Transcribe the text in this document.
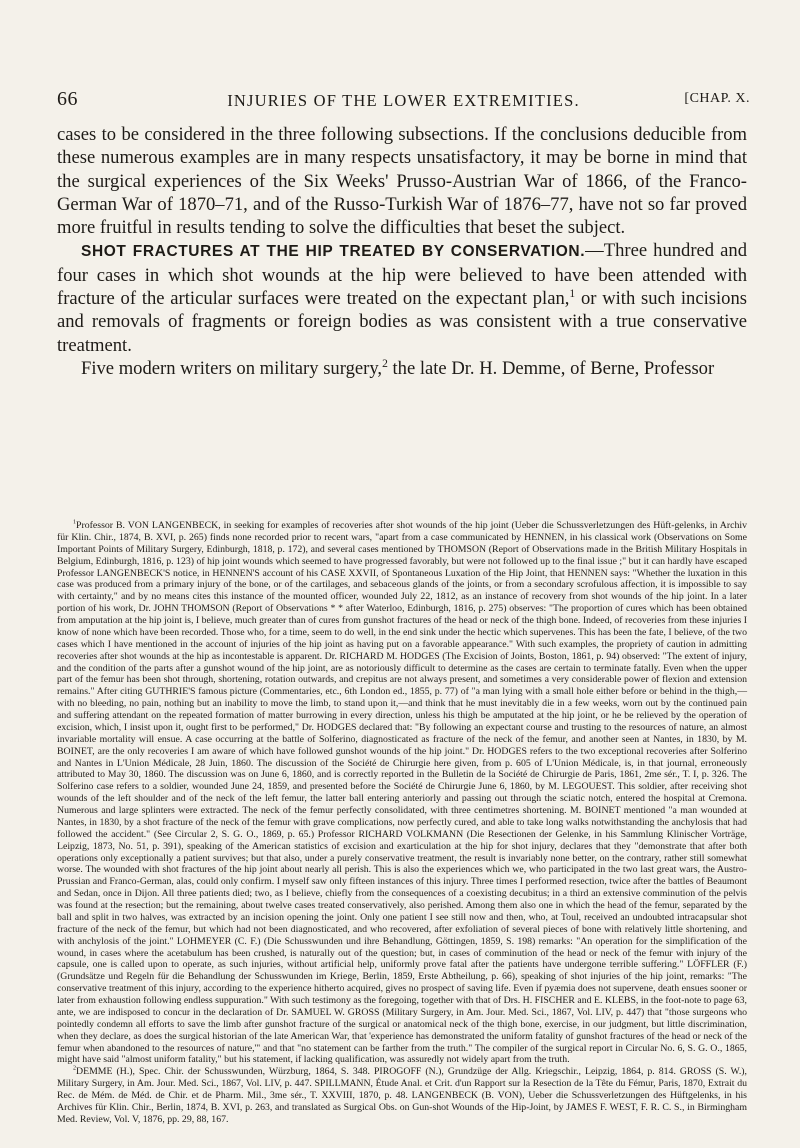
66	INJURIES OF THE LOWER EXTREMITIES.	[CHAP. X.

cases to be considered in the three following subsections. If the conclusions deducible from these numerous examples are in many respects unsatisfactory, it may be borne in mind that the surgical experiences of the Six Weeks' Prusso-Austrian War of 1866, of the Franco-German War of 1870–71, and of the Russo-Turkish War of 1876–77, have not so far proved more fruitful in results tending to solve the difficulties that beset the subject.

SHOT FRACTURES AT THE HIP TREATED BY CONSERVATION.—Three hundred and four cases in which shot wounds at the hip were believed to have been attended with fracture of the articular surfaces were treated on the expectant plan,$^1$ or with such incisions and removals of fragments or foreign bodies as was consistent with a true conservative treatment.

Five modern writers on military surgery,$^2$ the late Dr. H. Demme, of Berne, Professor

$^1$Professor B. VON LANGENBECK, in seeking for examples of recoveries after shot wounds of the hip joint (Ueber die Schussverletzungen des Hüft-gelenks, in Archiv für Klin. Chir., 1874, B. XVI, p. 265) finds none recorded prior to recent wars, "apart from a case communicated by HENNEN, in his classical work (Observations on Some Important Points of Military Surgery, Edinburgh, 1818, p. 172), and several cases mentioned by THOMSON (Report of Observations made in the British Military Hospitals in Belgium, Edinburgh, 1816, p. 123) of hip joint wounds which seemed to have progressed favorably, but were not followed up to the final issue ;" but it can hardly have escaped Professor LANGENBECK'S notice, in HENNEN'S account of his CASE XXVII, of Spontaneous Luxation of the Hip Joint, that HENNEN says: "Whether the luxation in this case was produced from a primary injury of the bone, or of the cartilages, and sebaceous glands of the joints, or from a secondary scrofulous affection, it is impossible to say with certainty," and by no means cites this instance of the mounted officer, wounded July 22, 1812, as an instance of recovery from shot wounds of the hip joint. In a later portion of his work, Dr. JOHN THOMSON (Report of Observations * * after Waterloo, Edinburgh, 1816, p. 275) observes: "The proportion of cures which has been obtained from amputation at the hip joint is, I believe, much greater than of cures from gunshot fractures of the head or neck of the thigh bone. Indeed, of recoveries from these injuries I know of none which have been recorded. Those who, for a time, seem to do well, in the end sink under the hectic which supervenes. This has been the fate, I believe, of the two cases which I have mentioned in the account of injuries of the hip joint as having put on a favorable appearance." With such examples, the propriety of caution in admitting recoveries after shot wounds at the hip as incontestable is apparent. Dr. RICHARD M. HODGES (The Excision of Joints, Boston, 1861, p. 94) observed: "The extent of injury, and the condition of the parts after a gunshot wound of the hip joint, are as notoriously difficult to determine as the cases are certain to terminate fatally. Even when the upper part of the femur has been shot through, shortening, rotation outwards, and crepitus are not always present, and sometimes a very considerable power of flexion and extension remains." After citing GUTHRIE'S famous picture (Commentaries, etc., 6th London ed., 1855, p. 77) of "a man lying with a small hole either before or behind in the thigh,—with no bleeding, no pain, nothing but an inability to move the limb, to stand upon it,—and think that he must inevitably die in a few weeks, worn out by the continued pain and suffering attendant on the repeated formation of matter burrowing in every direction, unless his thigh be amputated at the hip joint, or he be relieved by the operation of excision, which, I insist upon it, ought first to be performed," Dr. HODGES declared that: "By following an expectant course and trusting to the resources of nature, an almost invariable mortality will ensue. A case occurring at the battle of Solferino, diagnosticated as fracture of the neck of the femur, and another seen at Nantes, in 1830, by M. BOINET, are the only recoveries I am aware of which have followed gunshot wounds of the hip joint." Dr. HODGES refers to the two exceptional recoveries after Solferino and Nantes in L'Union Médicale, 28 Juin, 1860. The discussion of the Société de Chirurgie here given, from p. 605 of L'Union Médicale, is, in that journal, erroneously attributed to May 30, 1860. The discussion was on June 6, 1860, and is correctly reported in the Bulletin de la Société de Chirurgie de Paris, 1861, 2me sér., T. I, p. 326. The Solferino case refers to a soldier, wounded June 24, 1859, and presented before the Société de Chirurgie June 6, 1860, by M. LEGOUEST. This soldier, after receiving shot wounds of the left shoulder and of the neck of the left femur, the latter ball entering anteriorly and passing out through the sciatic notch, entered the hospital at Cremona. Numerous and large splinters were extracted. The neck of the femur perfectly consolidated, with three centimetres shortening. M. BOINET mentioned "a man wounded at Nantes, in 1830, by a shot fracture of the neck of the femur with grave complications, now perfectly cured, and able to take long walks notwithstanding the anchylosis that had followed the accident." (See Circular 2, S. G. O., 1869, p. 65.) Professor RICHARD VOLKMANN (Die Resectionen der Gelenke, in his Sammlung Klinischer Vorträge, Leipzig, 1873, No. 51, p. 391), speaking of the American statistics of excision and exarticulation at the hip for shot injury, declares that they "demonstrate that after both operations only exceptionally a patient survives; but that also, under a purely conservative treatment, the result is invariably none better, on the contrary, rather still somewhat worse. The wounded with shot fractures of the hip joint about nearly all perish. This is also the experiences which we, who participated in the two last great wars, the Austro-Prussian and Franco-German, alas, could only confirm. I myself saw only fifteen instances of this injury. Three times I performed resection, twice after the battles of Beaumont and Sedan, once in Dijon. All three patients died; two, as I believe, chiefly from the consequences of a coexisting decubitus; in a third an extensive comminution of the pelvis was found at the resection; but the remaining, about twelve cases treated conservatively, also perished. Among them also one in which the head of the femur, separated by the ball and split in two halves, was extracted by an incision opening the joint. Only one patient I see still now and then, who, at Toul, received an undoubted intracapsular shot fracture of the neck of the femur, but which had not been diagnosticated, and who recovered, after exfoliation of several pieces of bone with relatively little shortening, and with anchylosis of the joint." LOHMEYER (C. F.) (Die Schusswunden und ihre Behandlung, Göttingen, 1859, S. 198) remarks: "An operation for the simplification of the wound, in cases where the acetabulum has been crushed, is naturally out of the question; but, in cases of comminution of the head or neck of the femur with injury of the capsule, one is called upon to operate, as such injuries, without artificial help, uniformly prove fatal after the patients have undergone terrible suffering." LÖFFLER (F.) (Grundsätze und Regeln für die Behandlung der Schusswunden im Kriege, Berlin, 1859, Erste Abtheilung, p. 66), speaking of shot injuries of the hip joint, remarks: "The conservative treatment of this injury, according to the experience hitherto acquired, gives no prospect of saving life. Even if pyæmia does not supervene, death ensues sooner or later from exhaustion following endless suppuration." With such testimony as the foregoing, together with that of Drs. H. FISCHER and E. KLEBS, in the foot-note to page 63, ante, we are indisposed to concur in the declaration of Dr. SAMUEL W. GROSS (Military Surgery, in Am. Jour. Med. Sci., 1867, Vol. LIV, p. 447) that "those surgeons who pointedly condemn all efforts to save the limb after gunshot fracture of the surgical or anatomical neck of the thigh bone, exercise, in our judgment, but little discrimination, when they declare, as does the surgical historian of the late American War, that 'experience has demonstrated the uniform fatality of gunshot fractures of the head or neck of the femur when abandoned to the resources of nature,'" and that "no statement can be farther from the truth." The compiler of the surgical report in Circular No. 6, S. G. O., 1865, might have said "almost uniform fatality," but his statement, if lacking qualification, was assuredly not widely apart from the truth.

$^2$DEMME (H.), Spec. Chir. der Schusswunden, Würzburg, 1864, S. 348. PIROGOFF (N.), Grundzüge der Allg. Kriegschir., Leipzig, 1864, p. 814. GROSS (S. W.), Military Surgery, in Am. Jour. Med. Sci., 1867, Vol. LIV, p. 447. SPILLMANN, Étude Anal. et Crit. d'un Rapport sur la Resection de la Tête du Fémur, Paris, 1870, Extrait du Rec. de Mém. de Méd. de Chir. et de Pharm. Mil., 3me sér., T. XXVIII, 1870, p. 48. LANGENBECK (B. VON), Ueber die Schussverletzungen des Hüftgelenks, in his Archives für Klin. Chir., Berlin, 1874, B. XVI, p. 263, and translated as Surgical Obs. on Gun-shot Wounds of the Hip-Joint, by JAMES F. WEST, F. R. C. S., in Birmingham Med. Review, Vol. V, 1876, pp. 29, 88, 167.
